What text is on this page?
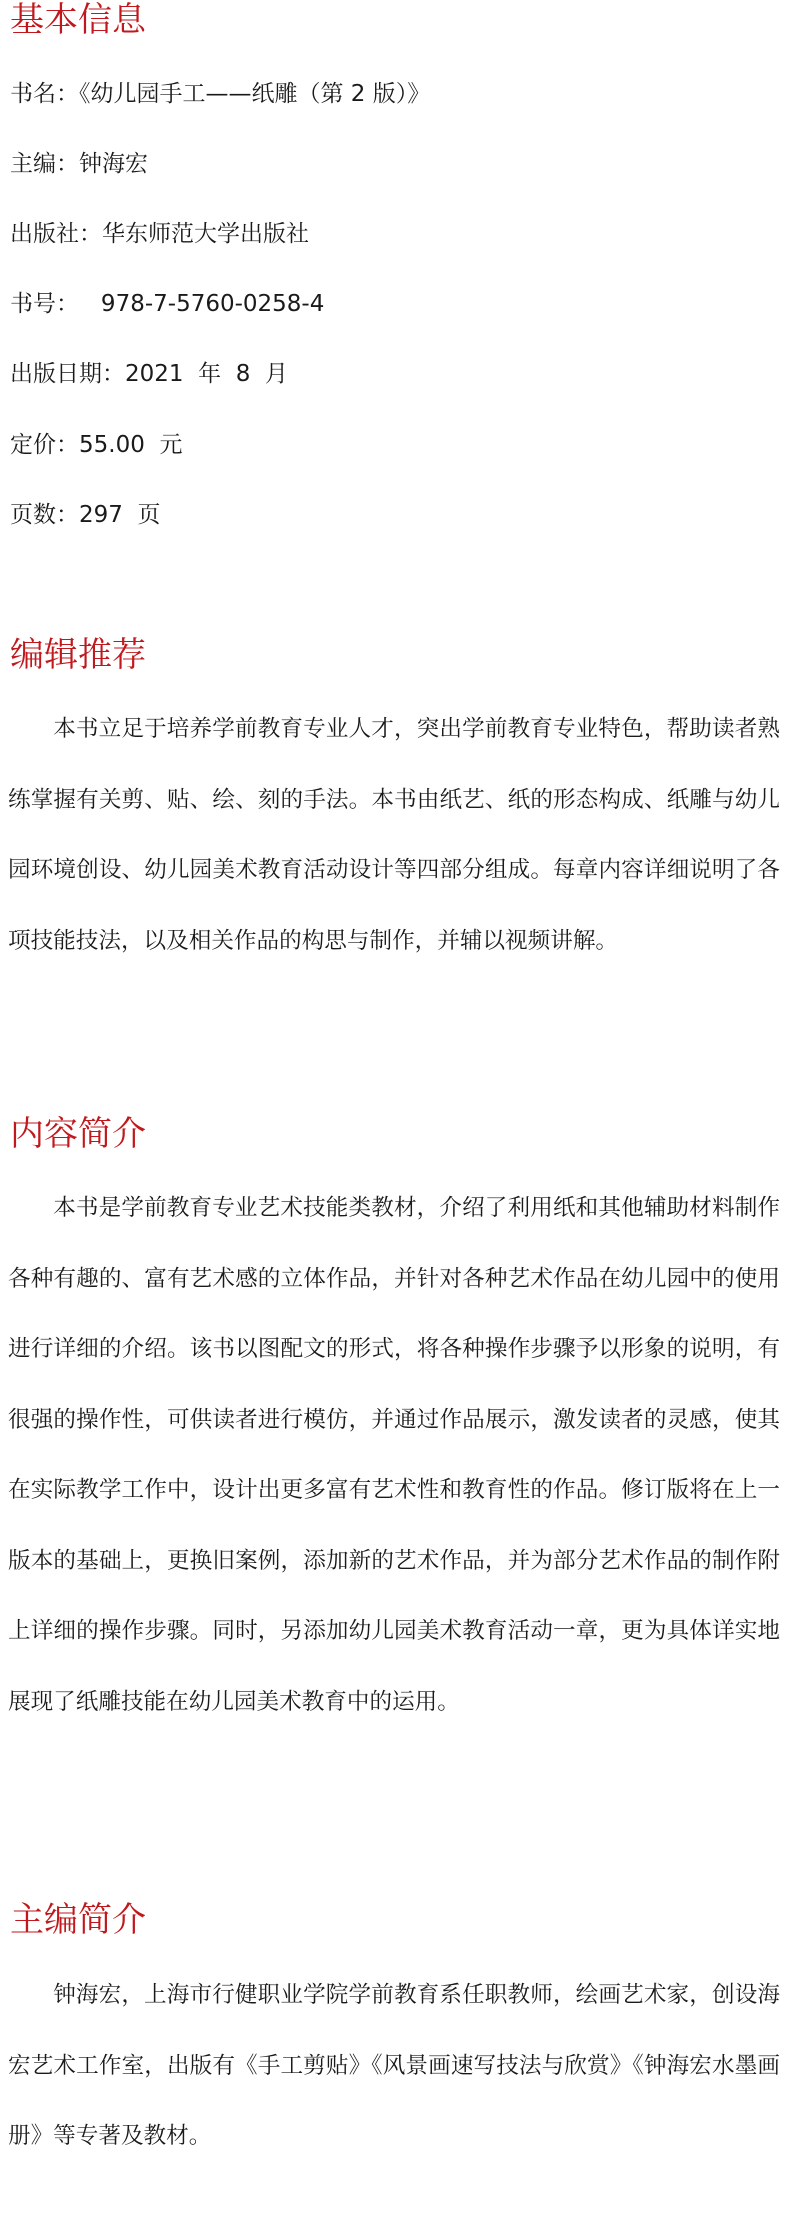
基本信息

书名：《幼儿园手工——纸雕（第 2 版）》

主编：钟海宏

出版社：华东师范大学出版社

书号：   978-7-5760-0258-4

出版日期：2021  年  8  月

定价：55.00  元

页数：297  页

编辑推荐

本书立足于培养学前教育专业人才，突出学前教育专业特色，帮助读者熟练掌握有关剪、贴、绘、刻的手法。本书由纸艺、纸的形态构成、纸雕与幼儿园环境创设、幼儿园美术教育活动设计等四部分组成。每章内容详细说明了各项技能技法，以及相关作品的构思与制作，并辅以视频讲解。

内容简介

本书是学前教育专业艺术技能类教材，介绍了利用纸和其他辅助材料制作各种有趣的、富有艺术感的立体作品，并针对各种艺术作品在幼儿园中的使用进行详细的介绍。该书以图配文的形式，将各种操作步骤予以形象的说明，有很强的操作性，可供读者进行模仿，并通过作品展示，激发读者的灵感，使其在实际教学工作中，设计出更多富有艺术性和教育性的作品。修订版将在上一版本的基础上，更换旧案例，添加新的艺术作品，并为部分艺术作品的制作附上详细的操作步骤。同时，另添加幼儿园美术教育活动一章，更为具体详实地展现了纸雕技能在幼儿园美术教育中的运用。

主编简介

钟海宏，上海市行健职业学院学前教育系任职教师，绘画艺术家，创设海宏艺术工作室，出版有《手工剪贴》《风景画速写技法与欣赏》《钟海宏水墨画册》等专著及教材。
